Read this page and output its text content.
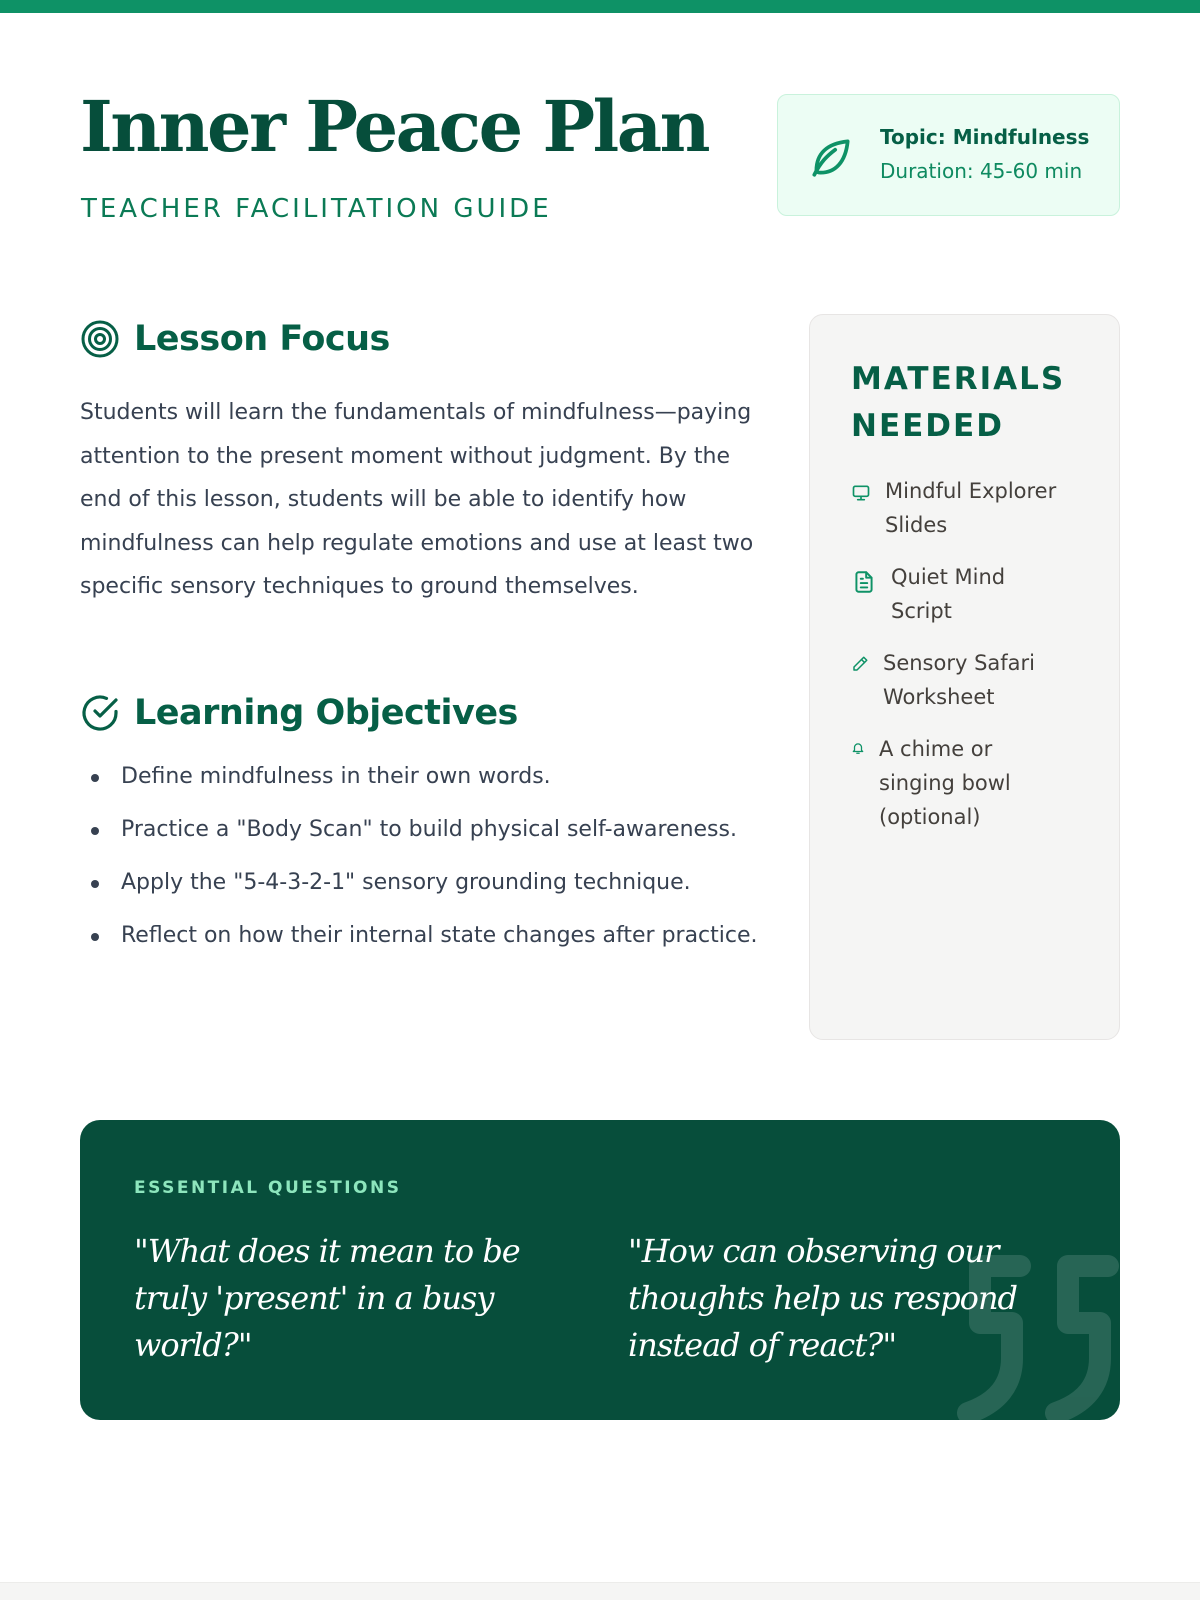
Inner Peace Plan
TEACHER FACILITATION GUIDE
Topic: Mindfulness
Duration: 45-60 min
Lesson Focus

Students will learn the fundamentals of mindfulness—paying attention to the present moment without judgment. By the end of this lesson, students will be able to identify how mindfulness can help regulate emotions and use at least two specific sensory techniques to ground themselves.

Learning Objectives
Define mindfulness in their own words.
Practice a "Body Scan" to build physical self-awareness.
Apply the "5-4-3-2-1" sensory grounding technique.
Reflect on how their internal state changes after practice.
MATERIALS NEEDED
Mindful Explorer Slides
Quiet Mind Script
Sensory Safari Worksheet
A chime or singing bowl (optional)
ESSENTIAL QUESTIONS

"What does it mean to be truly 'present' in a busy world?"

"How can observing our thoughts help us respond instead of react?"
